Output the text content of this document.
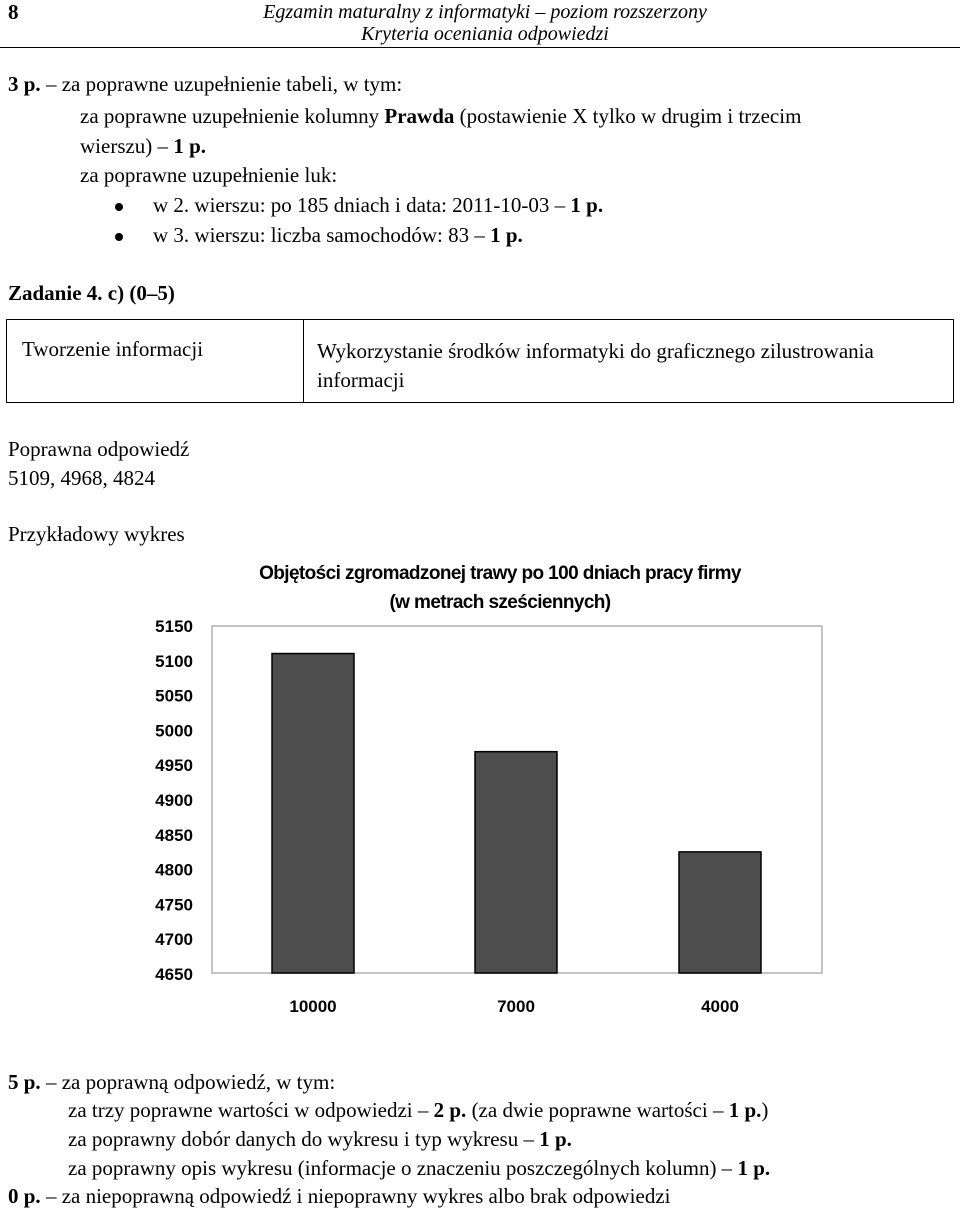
8	Egzamin maturalny z informatyki – poziom rozszerzony
Kryteria oceniania odpowiedzi
3 p. – za poprawne uzupełnienie tabeli, w tym:
za poprawne uzupełnienie kolumny Prawda (postawienie X tylko w drugim i trzecim
wierszu) – 1 p.
za poprawne uzupełnienie luk:
w 2. wierszu: po 185 dniach i data: 2011-10-03 – 1 p.
w 3. wierszu: liczba samochodów: 83 – 1 p.
Zadanie 4. c) (0–5)
Tworzenie informacji	Wykorzystanie środków informatyki do graficznego zilustrowania informacji
Poprawna odpowiedź
5109, 4968, 4824
Przykładowy wykres
Objętości zgromadzonej trawy po 100 dniach pracy firmy
(w metrach sześciennych)
5150
5100
5050
5000
4950
4900
4850
4800
4750
4700
4650
10000	7000	4000
5 p. – za poprawną odpowiedź, w tym:
za trzy poprawne wartości w odpowiedzi – 2 p. (za dwie poprawne wartości – 1 p.)
za poprawny dobór danych do wykresu i typ wykresu – 1 p.
za poprawny opis wykresu (informacje o znaczeniu poszczególnych kolumn) – 1 p.
0 p. – za niepoprawną odpowiedź i niepoprawny wykres albo brak odpowiedzi
